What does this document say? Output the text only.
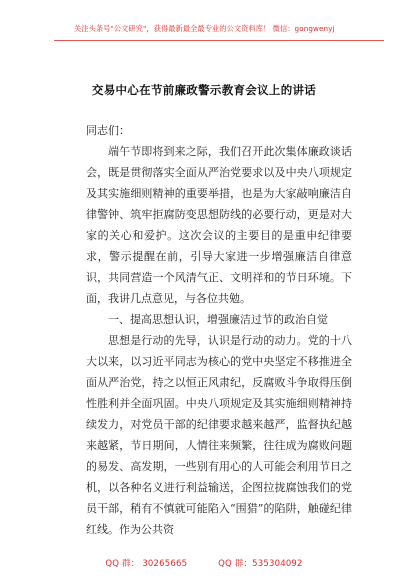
关注头条号"公文研究"，获得最新最全最专业的公文资料库！ 微信：gongwenyj
交易中心在节前廉政警示教育会议上的讲话

同志们：

端午节即将到来之际，我们召开此次集体廉政谈话会，既是贯彻落实全面从严治党要求以及中央八项规定及其实施细则精神的重要举措，也是为大家敲响廉洁自律警钟、筑牢拒腐防变思想防线的必要行动，更是对大家的关心和爱护。这次会议的主要目的是重申纪律要求，警示提醒在前，引导大家进一步增强廉洁自律意识，共同营造一个风清气正、文明祥和的节日环境。下面，我讲几点意见，与各位共勉。

一、提高思想认识，增强廉洁过节的政治自觉

思想是行动的先导，认识是行动的动力。党的十八大以来，以习近平同志为核心的党中央坚定不移推进全面从严治党，持之以恒正风肃纪，反腐败斗争取得压倒性胜利并全面巩固。中央八项规定及其实施细则精神持续发力，对党员干部的纪律要求越来越严，监督执纪越来越紧，节日期间，人情往来频繁，往往成为腐败问题的易发、高发期，一些别有用心的人可能会利用节日之机，以各种名义进行利益输送，企图拉拢腐蚀我们的党员干部，稍有不慎就可能陷入“围猎”的陷阱，触碰纪律红线。作为公共资

QQ 群： 30265665	QQ 群：535304092
